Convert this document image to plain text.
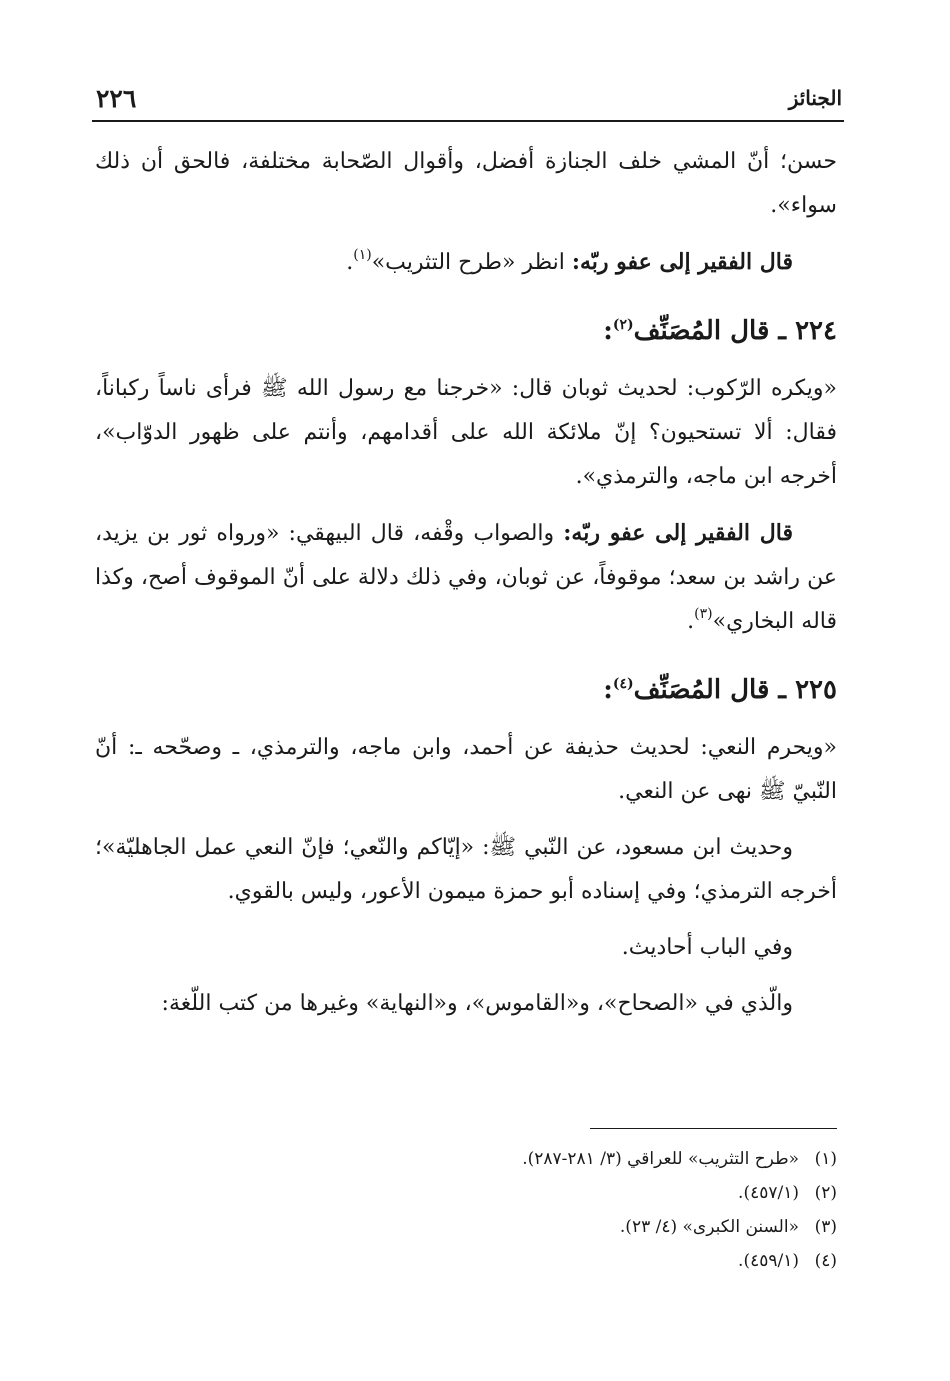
٢٢٦	الجنائز

حسن؛ أنّ المشي خلف الجنازة أفضل، وأقوال الصّحابة مختلفة، فالحق أن ذلك سواء».

قال الفقير إلى عفو ربّه: انظر «طرح التثريب»$^{(١)}$.

٢٢٤ ـ قال المُصَنِّف$^{(٢)}$:

«ويكره الرّكوب: لحديث ثوبان قال: «خرجنا مع رسول الله ﷺ فرأى ناساً ركباناً، فقال: ألا تستحيون؟ إنّ ملائكة الله على أقدامهم، وأنتم على ظهور الدوّاب»، أخرجه ابن ماجه، والترمذي».

قال الفقير إلى عفو ربّه: والصواب وقْفه، قال البيهقي: «ورواه ثور بن يزيد، عن راشد بن سعد؛ موقوفاً، عن ثوبان، وفي ذلك دلالة على أنّ الموقوف أصح، وكذا قاله البخاري»$^{(٣)}$.

٢٢٥ ـ قال المُصَنِّف$^{(٤)}$:

«ويحرم النعي: لحديث حذيفة عن أحمد، وابن ماجه، والترمذي، ـ وصحّحه ـ: أنّ النّبيّ ﷺ نهى عن النعي.

وحديث ابن مسعود، عن النّبي ﷺ: «إيّاكم والنّعي؛ فإنّ النعي عمل الجاهليّة»؛ أخرجه الترمذي؛ وفي إسناده أبو حمزة ميمون الأعور، وليس بالقوي.

وفي الباب أحاديث.

والّذي في «الصحاح»، و«القاموس»، و«النهاية» وغيرها من كتب اللّغة:

(١)«طرح التثريب» للعراقي (٣/ ٢٨١-٢٨٧).
(٢)(٤٥٧/١).
(٣)«السنن الكبرى» (٤/ ٢٣).
(٤)(٤٥٩/١).
